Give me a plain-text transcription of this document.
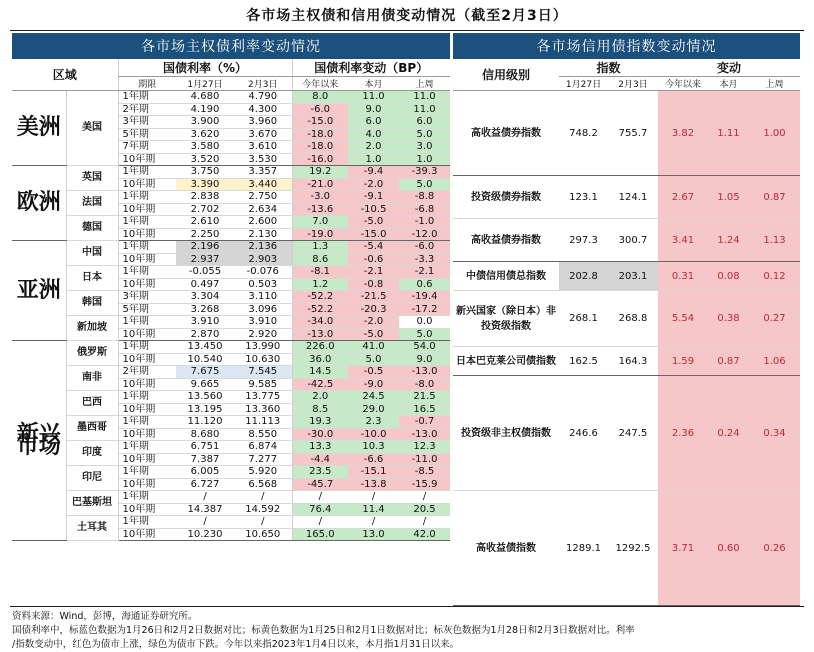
各市场主权债和信用债变动情况（截至2月3日）
各市场主权债利率变动情况	各市场信用债指数变动情况
区域		国债利率（%）			国债利率变动（BP）		
		期限	1月27日	2月3日	今年以来	本月	上周
美洲	美国	1年期	4.680	4.790	8.0	11.0	11.0
		2年期	4.190	4.300	-6.0	9.0	11.0
		3年期	3.900	3.960	-15.0	6.0	6.0
		5年期	3.620	3.670	-18.0	4.0	5.0
		7年期	3.580	3.610	-18.0	2.0	3.0
		10年期	3.520	3.530	-16.0	1.0	1.0
欧洲	英国	1年期	3.750	3.357	19.2	-9.4	-39.3
		10年期	3.390	3.440	-21.0	-2.0	5.0
	法国	1年期	2.838	2.750	-3.0	-9.1	-8.8
		10年期	2.702	2.634	-13.6	-10.5	-6.8
	德国	1年期	2.610	2.600	7.0	-5.0	-1.0
		10年期	2.250	2.130	-19.0	-15.0	-12.0
亚洲	中国	1年期	2.196	2.136	1.3	-5.4	-6.0
		10年期	2.937	2.903	8.6	-0.6	-3.3
	日本	1年期	-0.055	-0.076	-8.1	-2.1	-2.1
		10年期	0.497	0.503	1.2	-0.8	0.6
	韩国	3年期	3.304	3.110	-52.2	-21.5	-19.4
		5年期	3.268	3.096	-52.2	-20.3	-17.2
	新加坡	1年期	3.910	3.910	-34.0	-2.0	0.0
		10年期	2.870	2.920	-13.0	-5.0	5.0
新兴市场	俄罗斯	1年期	13.450	13.990	226.0	41.0	54.0
		10年期	10.540	10.630	36.0	5.0	9.0
	南非	2年期	7.675	7.545	14.5	-0.5	-13.0
		10年期	9.665	9.585	-42.5	-9.0	-8.0
	巴西	1年期	13.560	13.775	2.0	24.5	21.5
		10年期	13.195	13.360	8.5	29.0	16.5
	墨西哥	1年期	11.120	11.113	19.3	2.3	-0.7
		10年期	8.680	8.550	-30.0	-10.0	-13.0
	印度	1年期	6.751	6.874	13.3	10.3	12.3
		10年期	7.387	7.277	-4.4	-6.6	-11.0
	印尼	1年期	6.005	5.920	23.5	-15.1	-8.5
		10年期	6.727	6.568	-45.7	-13.8	-15.9
	巴基斯坦	1年期	/	/	/	/	/
		10年期	14.387	14.592	76.4	11.4	20.5
	土耳其	1年期	/	/	/	/	/
		10年期	10.230	10.650	165.0	13.0	42.0
信用级别	指数		变动		
	1月27日	2月3日	今年以来	本月	上周
高收益债券指数	748.2	755.7	3.82	1.11	1.00
投资级债券指数	123.1	124.1	2.67	1.05	0.87
高收益债券指数	297.3	300.7	3.41	1.24	1.13
中债信用债总指数	202.8	203.1	0.31	0.08	0.12
新兴国家（除日本）非投资级指数	268.1	268.8	5.54	0.38	0.27
日本巴克莱公司债指数	162.5	164.3	1.59	0.87	1.06
投资级非主权债指数	246.6	247.5	2.36	0.24	0.34
高收益债指数	1289.1	1292.5	3.71	0.60	0.26
资料来源：Wind，彭博，海通证券研究所。
国债利率中，标蓝色数据为1月26日和2月2日数据对比；标黄色数据为1月25日和2月1日数据对比；标灰色数据为1月28日和2月3日数据对比。利率
/指数变动中，红色为债市上涨，绿色为债市下跌。今年以来指2023年1月4日以来，本月指1月31日以来。
